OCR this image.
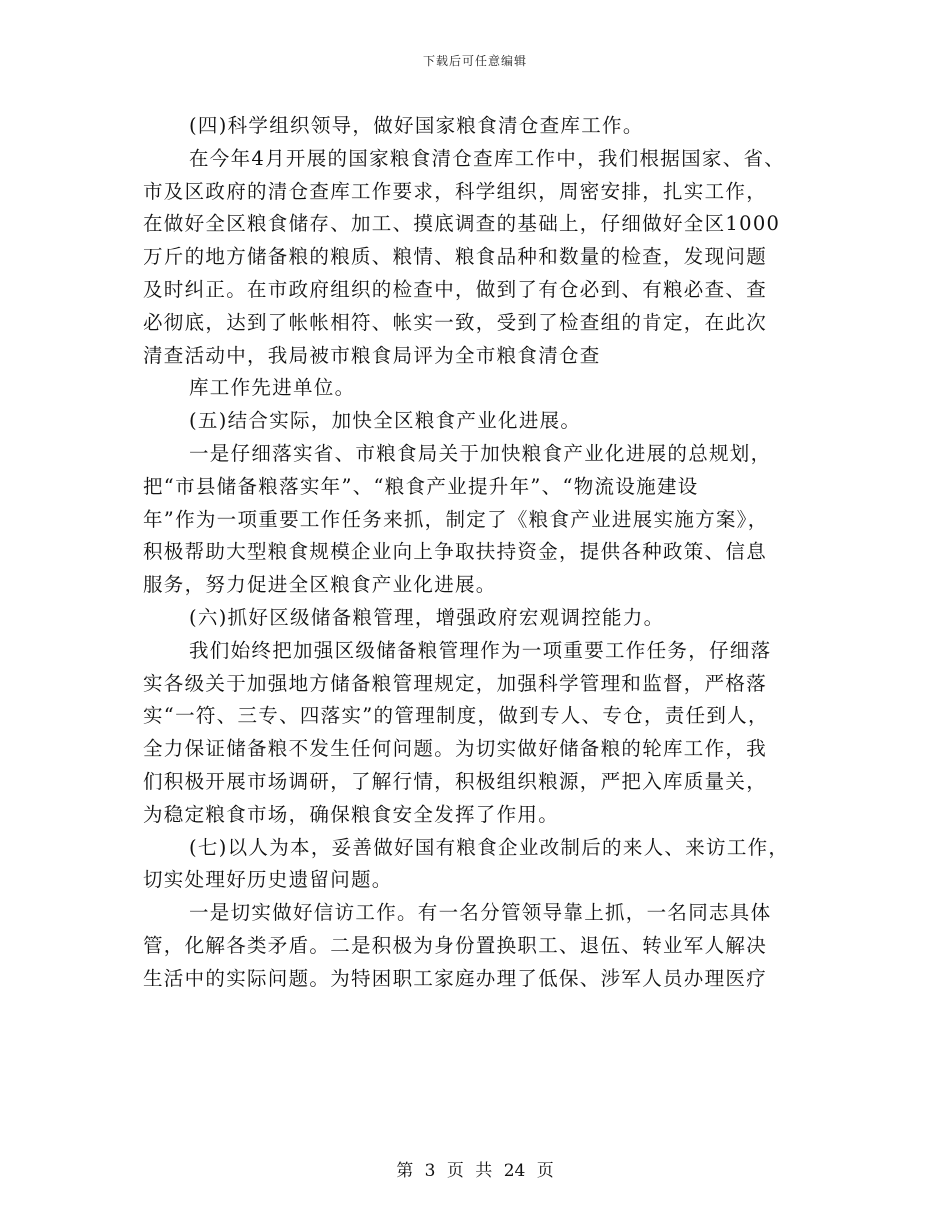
下载后可任意编辑
(四)科学组织领导，做好国家粮食清仓查库工作。
在今年4月开展的国家粮食清仓查库工作中，我们根据国家、省、
市及区政府的清仓查库工作要求，科学组织，周密安排，扎实工作，
在做好全区粮食储存、加工、摸底调查的基础上，仔细做好全区1000
万斤的地方储备粮的粮质、粮情、粮食品种和数量的检查，发现问题
及时纠正。在市政府组织的检查中，做到了有仓必到、有粮必查、查
必彻底，达到了帐帐相符、帐实一致，受到了检查组的肯定，在此次
清查活动中，我局被市粮食局评为全市粮食清仓查
库工作先进单位。
(五)结合实际，加快全区粮食产业化进展。
一是仔细落实省、市粮食局关于加快粮食产业化进展的总规划，
把“市县储备粮落实年”、“粮食产业提升年”、“物流设施建设
年”作为一项重要工作任务来抓，制定了《粮食产业进展实施方案》，
积极帮助大型粮食规模企业向上争取扶持资金，提供各种政策、信息
服务，努力促进全区粮食产业化进展。
(六)抓好区级储备粮管理，增强政府宏观调控能力。
我们始终把加强区级储备粮管理作为一项重要工作任务，仔细落
实各级关于加强地方储备粮管理规定，加强科学管理和监督，严格落
实“一符、三专、四落实”的管理制度，做到专人、专仓，责任到人，
全力保证储备粮不发生任何问题。为切实做好储备粮的轮库工作，我
们积极开展市场调研，了解行情，积极组织粮源，严把入库质量关，
为稳定粮食市场，确保粮食安全发挥了作用。
(七)以人为本，妥善做好国有粮食企业改制后的来人、来访工作，
切实处理好历史遗留问题。
一是切实做好信访工作。有一名分管领导靠上抓，一名同志具体
管，化解各类矛盾。二是积极为身份置换职工、退伍、转业军人解决
生活中的实际问题。为特困职工家庭办理了低保、涉军人员办理医疗
第 3 页 共 24 页
